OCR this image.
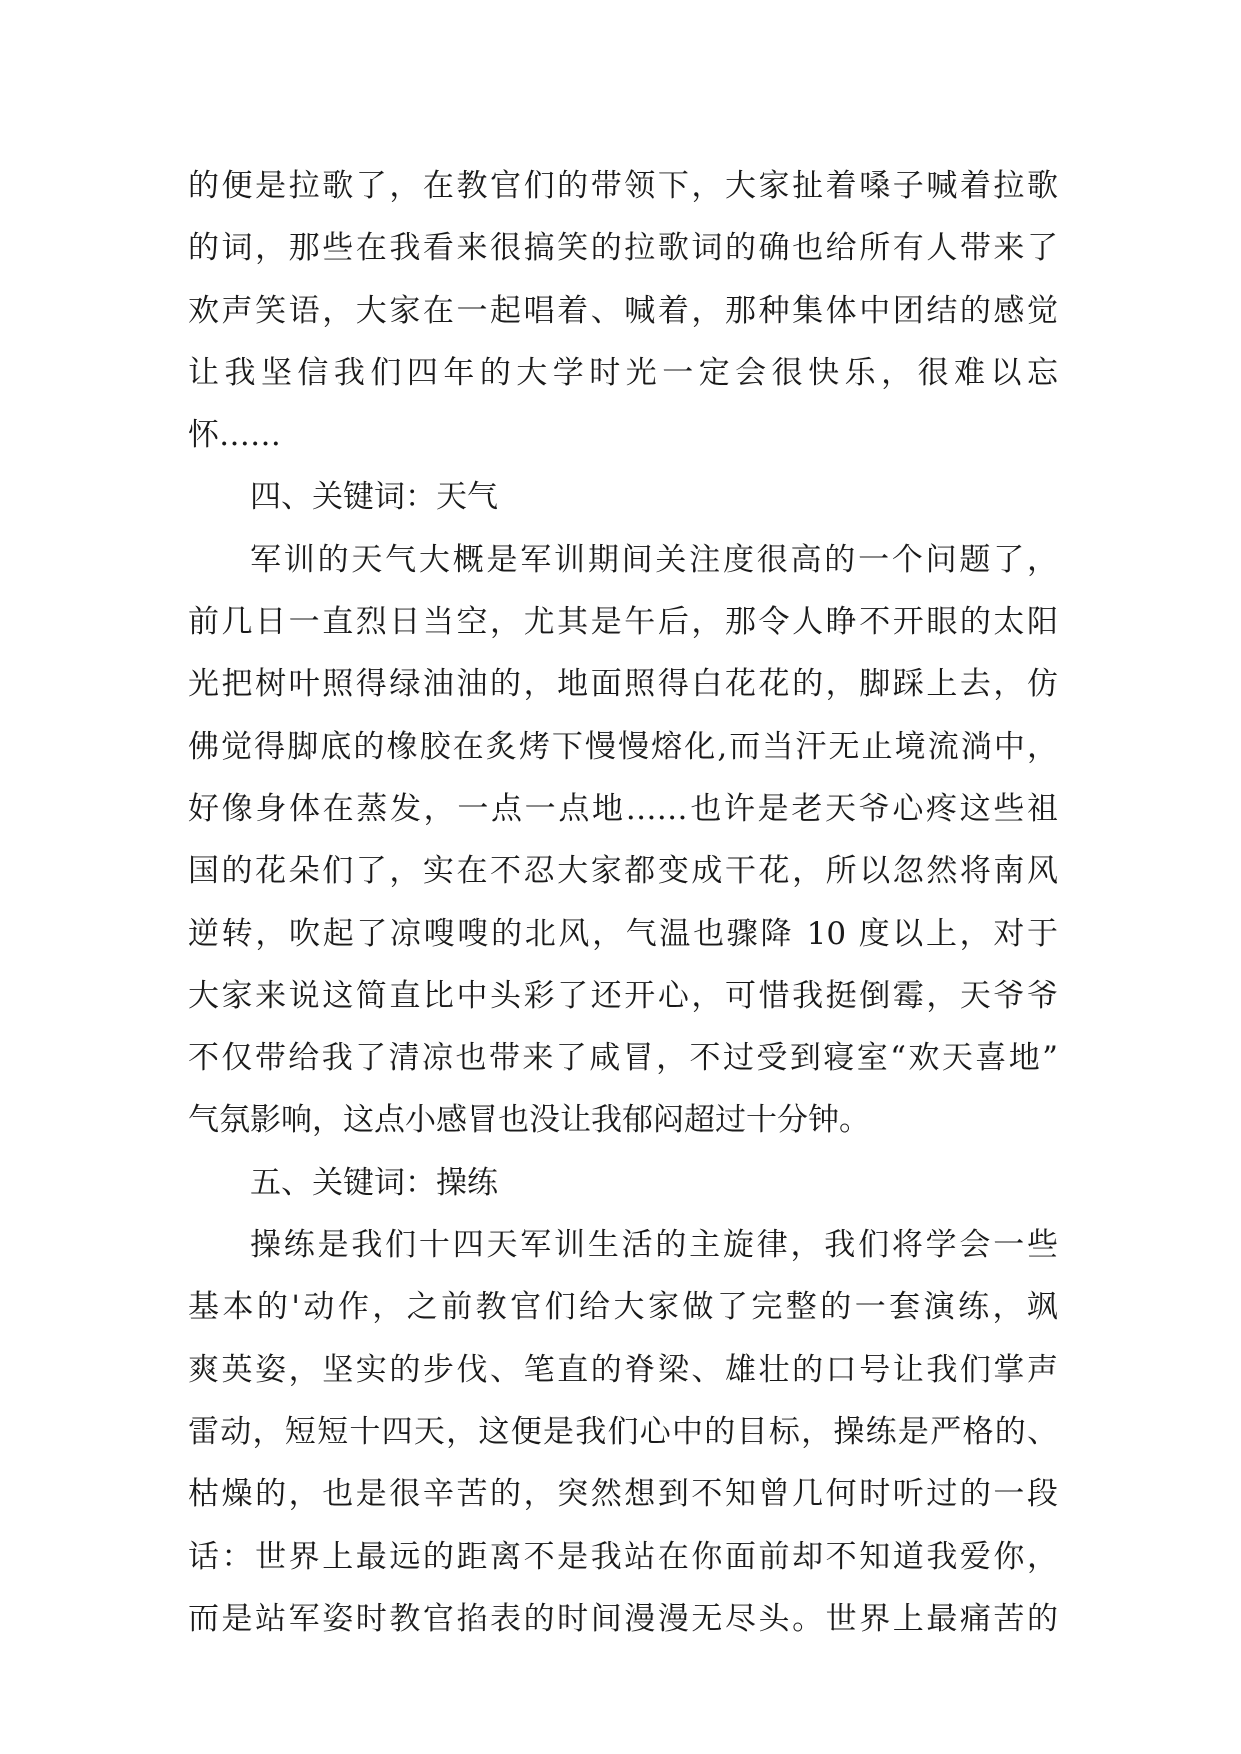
的便是拉歌了，在教官们的带领下，大家扯着嗓子喊着拉歌
的词，那些在我看来很搞笑的拉歌词的确也给所有人带来了
欢声笑语，大家在一起唱着、喊着，那种集体中团结的感觉
让我坚信我们四年的大学时光一定会很快乐，很难以忘
怀……
四、关键词：天气
军训的天气大概是军训期间关注度很高的一个问题了，
前几日一直烈日当空，尤其是午后，那令人睁不开眼的太阳
光把树叶照得绿油油的，地面照得白花花的，脚踩上去，仿
佛觉得脚底的橡胶在炙烤下慢慢熔化,而当汗无止境流淌中，
好像身体在蒸发，一点一点地……也许是老天爷心疼这些祖
国的花朵们了，实在不忍大家都变成干花，所以忽然将南风
逆转，吹起了凉嗖嗖的北风，气温也骤降 10 度以上，对于
大家来说这简直比中头彩了还开心，可惜我挺倒霉，天爷爷
不仅带给我了清凉也带来了咸冒，不过受到寝室“欢天喜地”
气氛影响，这点小感冒也没让我郁闷超过十分钟。
五、关键词：操练
操练是我们十四天军训生活的主旋律，我们将学会一些
基本的'动作，之前教官们给大家做了完整的一套演练，飒
爽英姿，坚实的步伐、笔直的脊梁、雄壮的口号让我们掌声
雷动，短短十四天，这便是我们心中的目标，操练是严格的、
枯燥的，也是很辛苦的，突然想到不知曾几何时听过的一段
话：世界上最远的距离不是我站在你面前却不知道我爱你，
而是站军姿时教官掐表的时间漫漫无尽头。世界上最痛苦的
